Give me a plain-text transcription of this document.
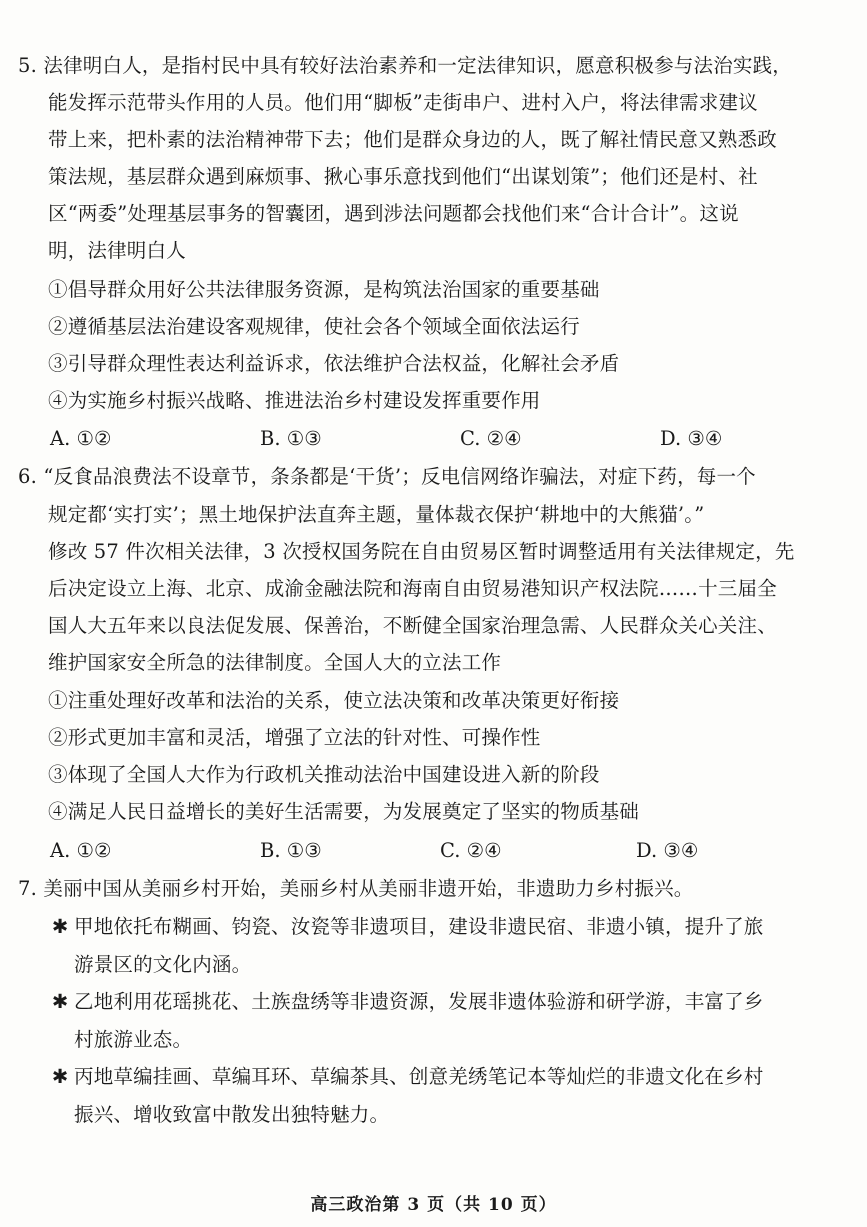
5. 法律明白人，是指村民中具有较好法治素养和一定法律知识，愿意积极参与法治实践，
能发挥示范带头作用的人员。他们用“脚板”走街串户、进村入户，将法律需求建议
带上来，把朴素的法治精神带下去；他们是群众身边的人，既了解社情民意又熟悉政
策法规，基层群众遇到麻烦事、揪心事乐意找到他们“出谋划策”；他们还是村、社
区“两委”处理基层事务的智囊团，遇到涉法问题都会找他们来“合计合计”。这说
明，法律明白人
①倡导群众用好公共法律服务资源，是构筑法治国家的重要基础
②遵循基层法治建设客观规律，使社会各个领域全面依法运行
③引导群众理性表达利益诉求，依法维护合法权益，化解社会矛盾
④为实施乡村振兴战略、推进法治乡村建设发挥重要作用
A. ①②	B. ①③	C. ②④	D. ③④
6. “反食品浪费法不设章节，条条都是‘干货’；反电信网络诈骗法，对症下药，每一个
规定都‘实打实’；黑土地保护法直奔主题，量体裁衣保护‘耕地中的大熊猫’。”
修改 57 件次相关法律，3 次授权国务院在自由贸易区暂时调整适用有关法律规定，先
后决定设立上海、北京、成渝金融法院和海南自由贸易港知识产权法院……十三届全
国人大五年来以良法促发展、保善治，不断健全国家治理急需、人民群众关心关注、
维护国家安全所急的法律制度。全国人大的立法工作
①注重处理好改革和法治的关系，使立法决策和改革决策更好衔接
②形式更加丰富和灵活，增强了立法的针对性、可操作性
③体现了全国人大作为行政机关推动法治中国建设进入新的阶段
④满足人民日益增长的美好生活需要，为发展奠定了坚实的物质基础
A. ①②	B. ①③	C. ②④	D. ③④
7. 美丽中国从美丽乡村开始，美丽乡村从美丽非遗开始，非遗助力乡村振兴。
✱ 甲地依托布糊画、钧瓷、汝瓷等非遗项目，建设非遗民宿、非遗小镇，提升了旅
游景区的文化内涵。
✱ 乙地利用花瑶挑花、土族盘绣等非遗资源，发展非遗体验游和研学游，丰富了乡
村旅游业态。
✱ 丙地草编挂画、草编耳环、草编茶具、创意羌绣笔记本等灿烂的非遗文化在乡村
振兴、增收致富中散发出独特魅力。
高三政治第 3 页（共 10 页）
